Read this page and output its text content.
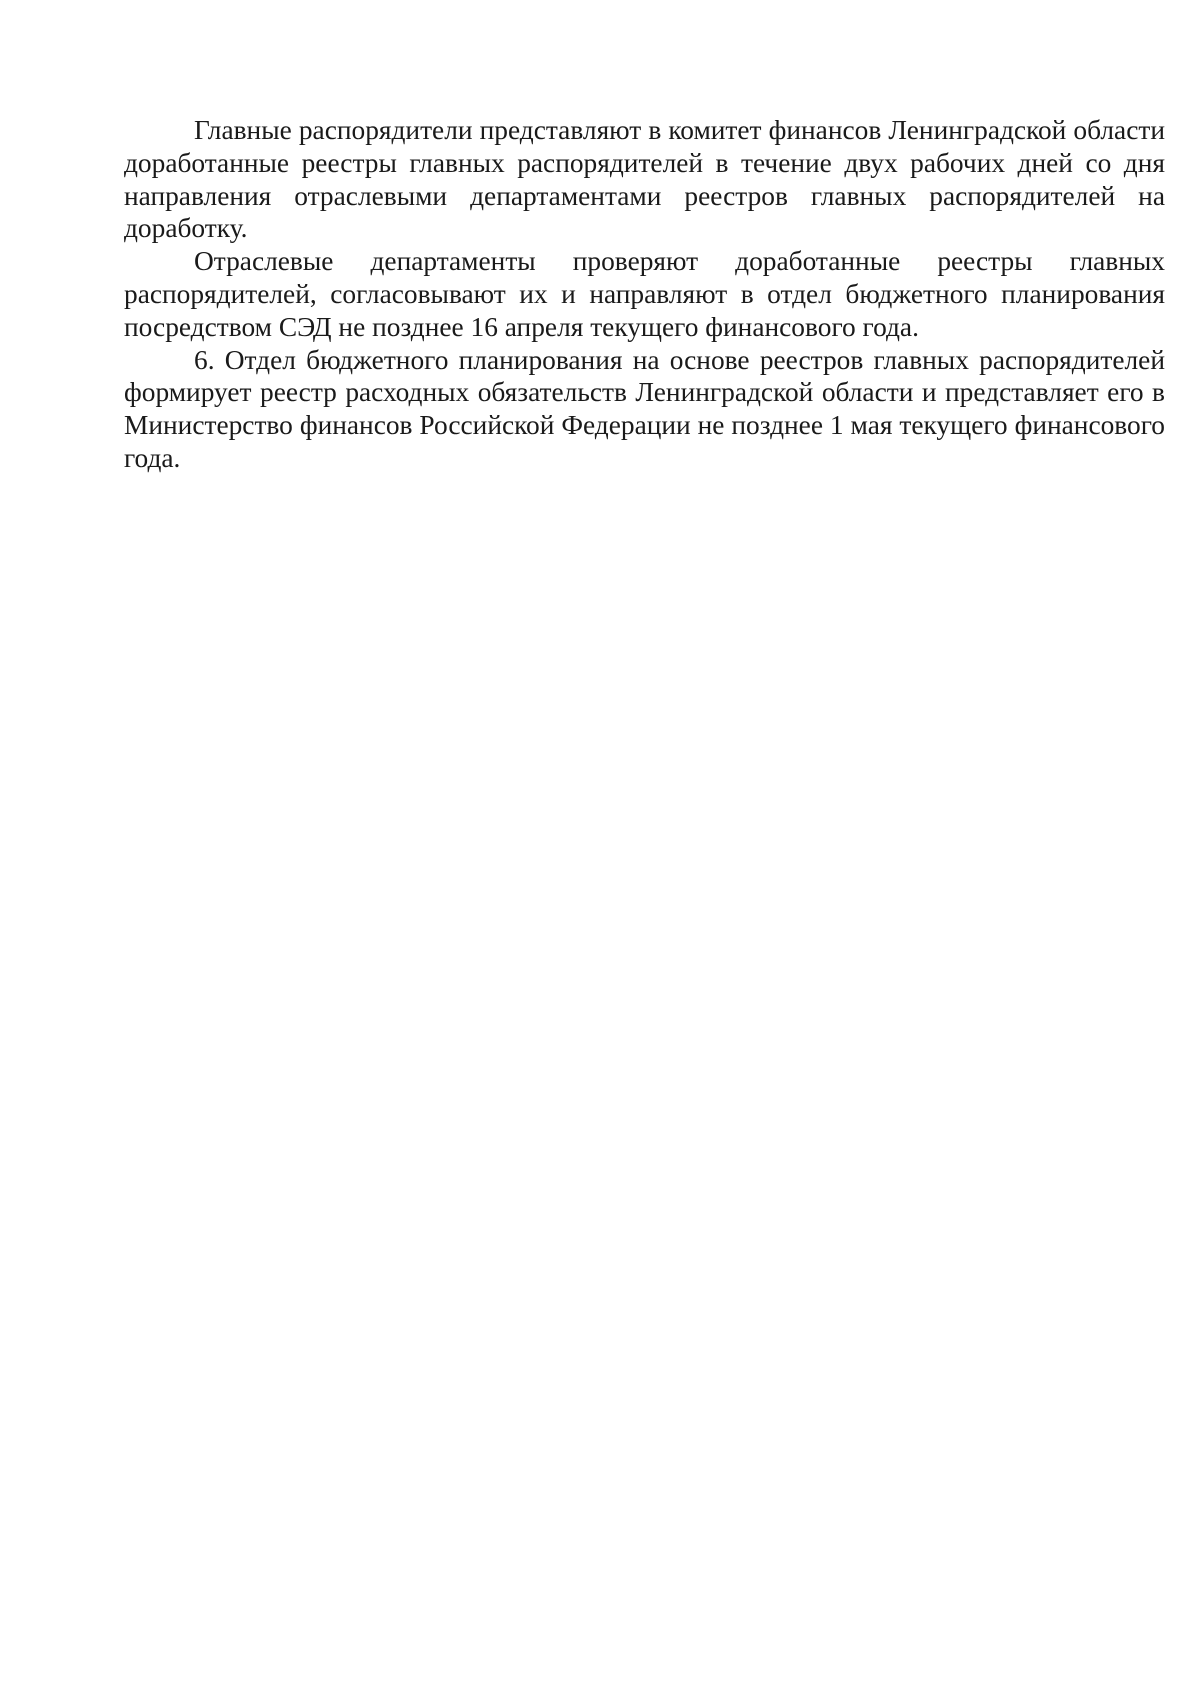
Главные распорядители представляют в комитет финансов Ленинградской области доработанные реестры главных распорядителей в течение двух рабочих дней со дня направления отраслевыми департаментами реестров главных распорядителей на доработку.

Отраслевые департаменты проверяют доработанные реестры главных распорядителей, согласовывают их и направляют в отдел бюджетного планирования посредством СЭД не позднее 16 апреля текущего финансового года.

6. Отдел бюджетного планирования на основе реестров главных распорядителей формирует реестр расходных обязательств Ленинградской области и представляет его в Министерство финансов Российской Федерации не позднее 1 мая текущего финансового года.
